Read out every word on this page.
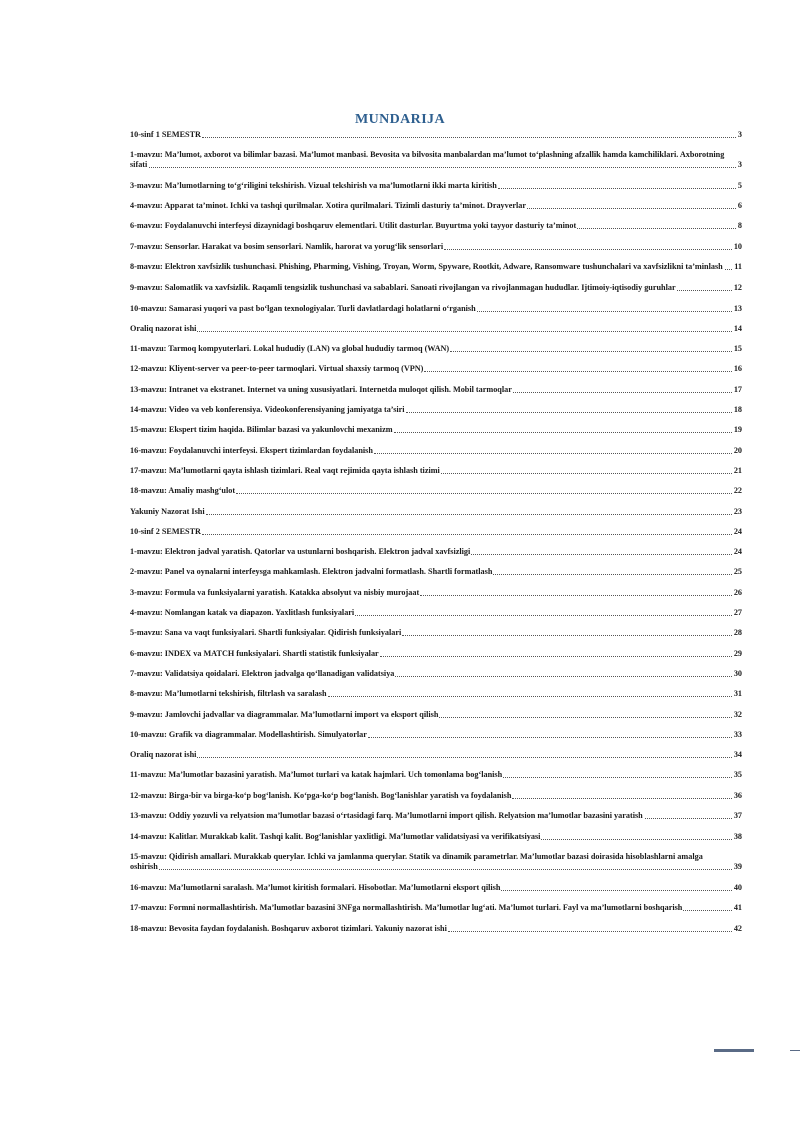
MUNDARIJA
10-sinf 1 SEMESTR	3
1-mavzu: Ma’lumot, axborot va bilimlar bazasi. Ma’lumot manbasi. Bevosita va bilvosita manbalardan ma’lumot to‘plashning afzallik hamda kamchiliklari. Axborotning sifati	3
3-mavzu: Ma’lumotlarning to‘g‘riligini tekshirish. Vizual tekshirish va ma’lumotlarni ikki marta kiritish	5
4-mavzu: Apparat ta’minot. Ichki va tashqi qurilmalar. Xotira qurilmalari. Tizimli dasturiy ta’minot. Drayverlar	6
6-mavzu: Foydalanuvchi interfeysi dizaynidagi boshqaruv elementlari. Utilit dasturlar. Buyurtma yoki tayyor dasturiy ta’minot	8
7-mavzu: Sensorlar. Harakat va bosim sensorlari. Namlik, harorat va yorug‘lik sensorlari	10
8-mavzu: Elektron xavfsizlik tushunchasi. Phishing, Pharming, Vishing, Troyan, Worm, Spyware, Rootkit, Adware, Ransomware tushunchalari va xavfsizlikni ta’minlash	11
9-mavzu: Salomatlik va xavfsizlik. Raqamli tengsizlik tushunchasi va sabablari. Sanoati rivojlangan va rivojlanmagan hududlar. Ijtimoiy-iqtisodiy guruhlar	12
10-mavzu: Samarasi yuqori va past bo‘lgan texnologiyalar. Turli davlatlardagi holatlarni o‘rganish	13
Oraliq nazorat ishi	14
11-mavzu: Tarmoq kompyuterlari. Lokal hududiy (LAN) va global hududiy tarmoq (WAN)	15
12-mavzu: Kliyent-server va peer-to-peer tarmoqlari. Virtual shaxsiy tarmoq (VPN)	16
13-mavzu: Intranet va ekstranet. Internet va uning xususiyatlari. Internetda muloqot qilish. Mobil tarmoqlar	17
14-mavzu: Video va veb konferensiya. Videokonferensiyaning jamiyatga ta’siri	18
15-mavzu: Ekspert tizim haqida. Bilimlar bazasi va yakunlovchi mexanizm	19
16-mavzu: Foydalanuvchi interfeysi. Ekspert tizimlardan foydalanish	20
17-mavzu: Ma’lumotlarni qayta ishlash tizimlari. Real vaqt rejimida qayta ishlash tizimi	21
18-mavzu: Amaliy mashg‘ulot	22
Yakuniy Nazorat Ishi	23
10-sinf 2 SEMESTR	24
1-mavzu: Elektron jadval yaratish. Qatorlar va ustunlarni boshqarish. Elektron jadval xavfsizligi	24
2-mavzu: Panel va oynalarni interfeysga mahkamlash. Elektron jadvalni formatlash. Shartli formatlash	25
3-mavzu: Formula va funksiyalarni yaratish. Katakka absolyut va nisbiy murojaat	26
4-mavzu: Nomlangan katak va diapazon. Yaxlitlash funksiyalari	27
5-mavzu: Sana va vaqt funksiyalari. Shartli funksiyalar. Qidirish funksiyalari	28
6-mavzu: INDEX va MATCH funksiyalari. Shartli statistik funksiyalar	29
7-mavzu: Validatsiya qoidalari. Elektron jadvalga qo‘llanadigan validatsiya	30
8-mavzu: Ma’lumotlarni tekshirish, filtrlash va saralash	31
9-mavzu: Jamlovchi jadvallar va diagrammalar. Ma’lumotlarni import va eksport qilish	32
10-mavzu: Grafik va diagrammalar. Modellashtirish. Simulyatorlar	33
Oraliq nazorat ishi	34
11-mavzu: Ma’lumotlar bazasini yaratish. Ma’lumot turlari va katak hajmlari. Uch tomonlama bog‘lanish	35
12-mavzu: Birga-bir va birga-ko‘p bog‘lanish. Ko‘pga-ko‘p bog‘lanish. Bog‘lanishlar yaratish va foydalanish	36
13-mavzu: Oddiy yozuvli va relyatsion ma’lumotlar bazasi o‘rtasidagi farq. Ma’lumotlarni import qilish. Relyatsion ma’lumotlar bazasini yaratish	37
14-mavzu: Kalitlar. Murakkab kalit. Tashqi kalit. Bog‘lanishlar yaxlitligi. Ma’lumotlar validatsiyasi va verifikatsiyasi	38
15-mavzu: Qidirish amallari. Murakkab querylar. Ichki va jamlanma querylar. Statik va dinamik parametrlar. Ma’lumotlar bazasi doirasida hisoblashlarni amalga oshirish	39
16-mavzu: Ma’lumotlarni saralash. Ma’lumot kiritish formalari. Hisobotlar. Ma’lumotlarni eksport qilish	40
17-mavzu: Formni normallashtirish. Ma’lumotlar bazasini 3NFga normallashtirish. Ma’lumotlar lug‘ati. Ma’lumot turlari. Fayl va ma’lumotlarni boshqarish	41
18-mavzu: Bevosita faydan foydalanish. Boshqaruv axborot tizimlari. Yakuniy nazorat ishi	42
